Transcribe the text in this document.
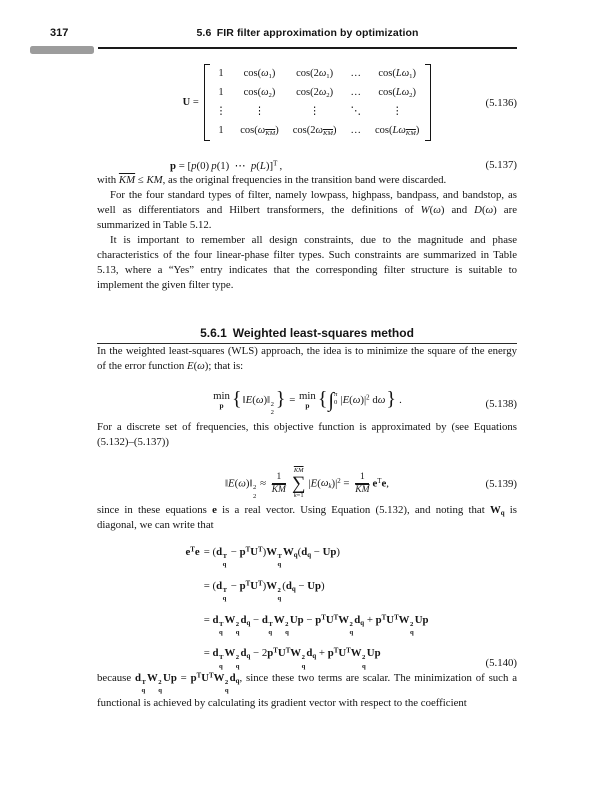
317	5.6 FIR filter approximation by optimization
U =
1	$\cos(\omega_1)$	$\cos(2\omega_1)$	…	$\cos(L\omega_1)$
1	$\cos(\omega_2)$	$\cos(2\omega_2)$	…	$\cos(L\omega_2)$
⋮	⋮	⋮	⋱	⋮
1 $\cos(\omega_{\overline{KM}})$ $\cos(2\omega_{\overline{KM}})$ … $\cos(L\omega_{\overline{KM}})$
(5.136)
p = [p(0) p(1) ⋯ p(L)]$^T$ ,	(5.137)

with $\overline{KM}$ ≤ KM, as the original frequencies in the transition band were discarded.

For the four standard types of filter, namely lowpass, highpass, bandpass, and bandstop, as well as differentiators and Hilbert transformers, the definitions of W(ω) and D(ω) are summarized in Table 5.12.

It is important to remember all design constraints, due to the magnitude and phase characteristics of the four linear-phase filter types. Such constraints are summarized in Table 5.13, where a “Yes” entry indicates that the corresponding filter structure is suitable to implement the given filter type.

5.6.1 Weighted least-squares method

In the weighted least-squares (WLS) approach, the idea is to minimize the square of the energy of the error function E(ω); that is:

min
p {‖E(ω)‖ 2
2
} = min
p {∫ π
0 $|E(\omega)|^2$ dω} .	(5.138)

For a discrete set of frequencies, this objective function is approximated by (see Equations (5.132)–(5.137))

‖E(ω)‖ 2
2
≈ $\frac{1}{KM}$
$\overline{KM}$
∑
k=1
$|E(\omega_k)|^2 = \frac{1}{KM} e^Te$,	(5.139)

since in these equations e is a real vector. Using Equation (5.132), and noting that $W_q$ is diagonal, we can write that

$e^Te = (d$ T
q
− $p^TU^T)W$ T
q
$W_q(d_q - Up)$
= (d T
q
− $p^TU^T)W$ 2
q
$(d_q - Up)$
= d T
q
W 2
q
$d_q - d$ T
q
W 2
q
$Up - p^TU^TW$ 2
q
$d_q + p^TU^TW$ 2
q
Up
= d T
q
W 2
q
$d_q - 2p^TU^TW$ 2
q
$d_q + p^TU^TW$ 2
q
Up
(5.140)

because d T
q
W 2
q
$Up = p^TU^TW$ 2
q
$d_q$, since these two terms are scalar. The minimization of such a functional is achieved by calculating its gradient vector with respect to the coefficient
